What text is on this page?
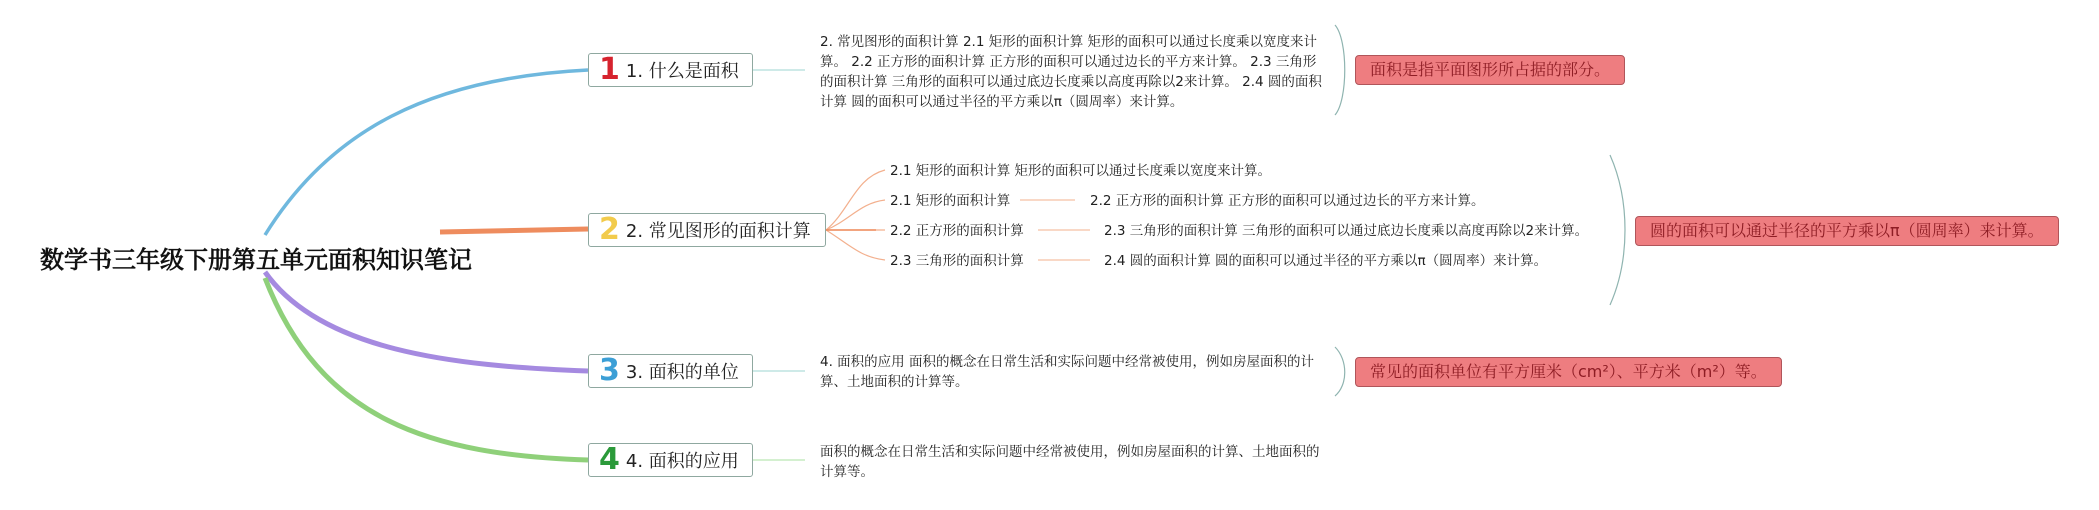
数学书三年级下册第五单元面积知识笔记
1 1. 什么是面积
2. 常见图形的面积计算 2.1 矩形的面积计算 矩形的面积可以通过长度乘以宽度来计算。 2.2 正方形的面积计算 正方形的面积可以通过边长的平方来计算。 2.3 三角形的面积计算 三角形的面积可以通过底边长度乘以高度再除以2来计算。 2.4 圆的面积计算 圆的面积可以通过半径的平方乘以π（圆周率）来计算。
面积是指平面图形所占据的部分。
2 2. 常见图形的面积计算
2.1 矩形的面积计算 矩形的面积可以通过长度乘以宽度来计算。
2.1 矩形的面积计算	2.2 正方形的面积计算 正方形的面积可以通过边长的平方来计算。
2.2 正方形的面积计算	2.3 三角形的面积计算 三角形的面积可以通过底边长度乘以高度再除以2来计算。
2.3 三角形的面积计算	2.4 圆的面积计算 圆的面积可以通过半径的平方乘以π（圆周率）来计算。
圆的面积可以通过半径的平方乘以π（圆周率）来计算。
3 3. 面积的单位	4. 面积的应用 面积的概念在日常生活和实际问题中经常被使用，例如房屋面积的计算、土地面积的计算等。
常见的面积单位有平方厘米（cm²）、平方米（m²）等。
4 4. 面积的应用	面积的概念在日常生活和实际问题中经常被使用，例如房屋面积的计算、土地面积的计算等。
